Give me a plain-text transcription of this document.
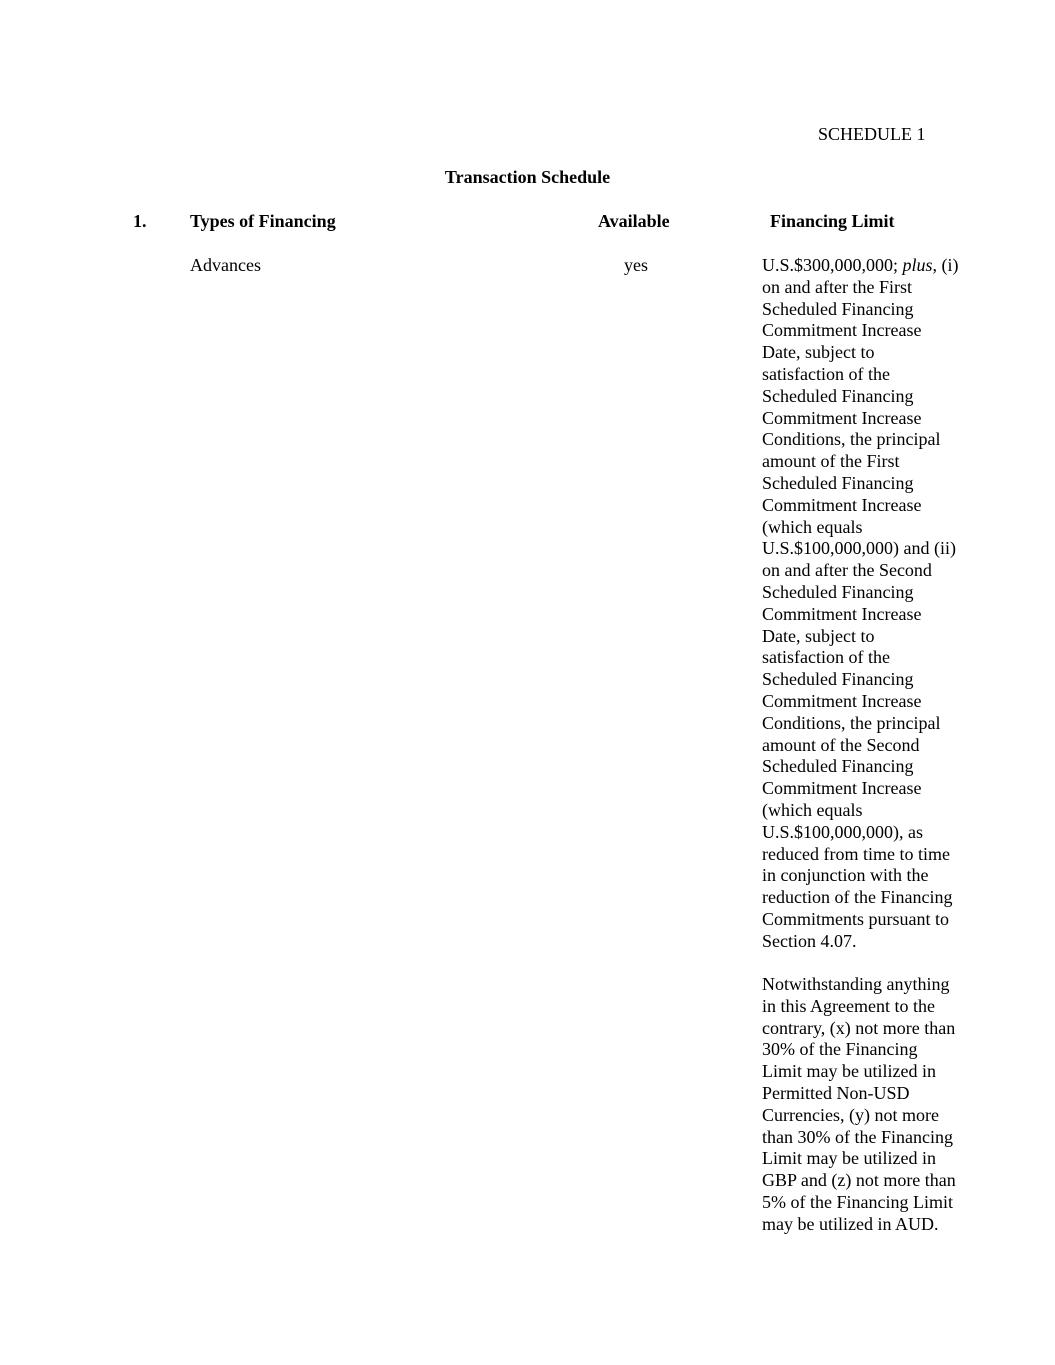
SCHEDULE 1
Transaction Schedule
1. Types of Financing	Available	Financing Limit
Advances	yes	U.S.$300,000,000; plus, (i)
on and after the First
Scheduled Financing
Commitment Increase
Date, subject to
satisfaction of the
Scheduled Financing
Commitment Increase
Conditions, the principal
amount of the First
Scheduled Financing
Commitment Increase
(which equals
U.S.$100,000,000) and (ii)
on and after the Second
Scheduled Financing
Commitment Increase
Date, subject to
satisfaction of the
Scheduled Financing
Commitment Increase
Conditions, the principal
amount of the Second
Scheduled Financing
Commitment Increase
(which equals
U.S.$100,000,000), as
reduced from time to time
in conjunction with the
reduction of the Financing
Commitments pursuant to
Section 4.07.
Notwithstanding anything
in this Agreement to the
contrary, (x) not more than
30% of the Financing
Limit may be utilized in
Permitted Non-USD
Currencies, (y) not more
than 30% of the Financing
Limit may be utilized in
GBP and (z) not more than
5% of the Financing Limit
may be utilized in AUD.
